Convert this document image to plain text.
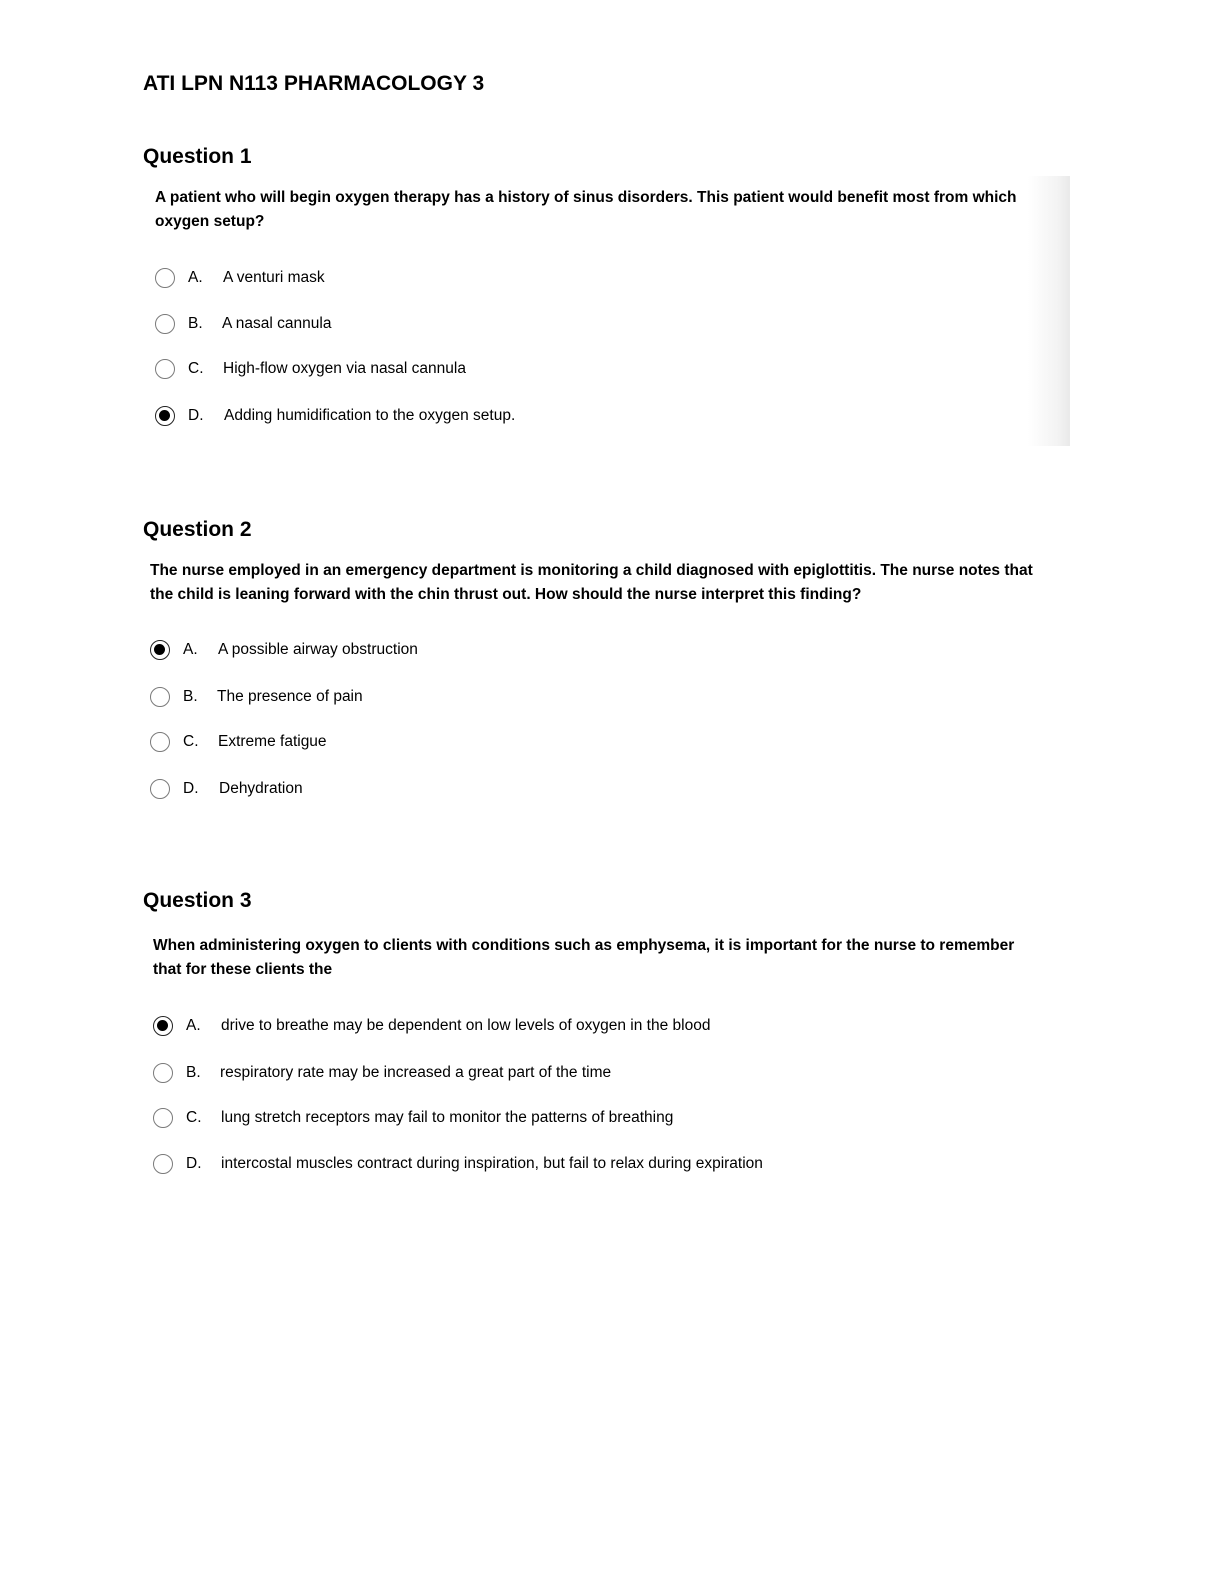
ATI LPN N113 PHARMACOLOGY 3
Question 1
A patient who will begin oxygen therapy has a history of sinus disorders. This patient would benefit most from which oxygen setup?
A. A venturi mask
B. A nasal cannula
C. High-flow oxygen via nasal cannula
D. Adding humidification to the oxygen setup.
Question 2
The nurse employed in an emergency department is monitoring a child diagnosed with epiglottitis. The nurse notes that the child is leaning forward with the chin thrust out. How should the nurse interpret this finding?
A. A possible airway obstruction
B. The presence of pain
C. Extreme fatigue
D. Dehydration
Question 3
When administering oxygen to clients with conditions such as emphysema, it is important for the nurse to remember that for these clients the
A. drive to breathe may be dependent on low levels of oxygen in the blood
B. respiratory rate may be increased a great part of the time
C. lung stretch receptors may fail to monitor the patterns of breathing
D. intercostal muscles contract during inspiration, but fail to relax during expiration
